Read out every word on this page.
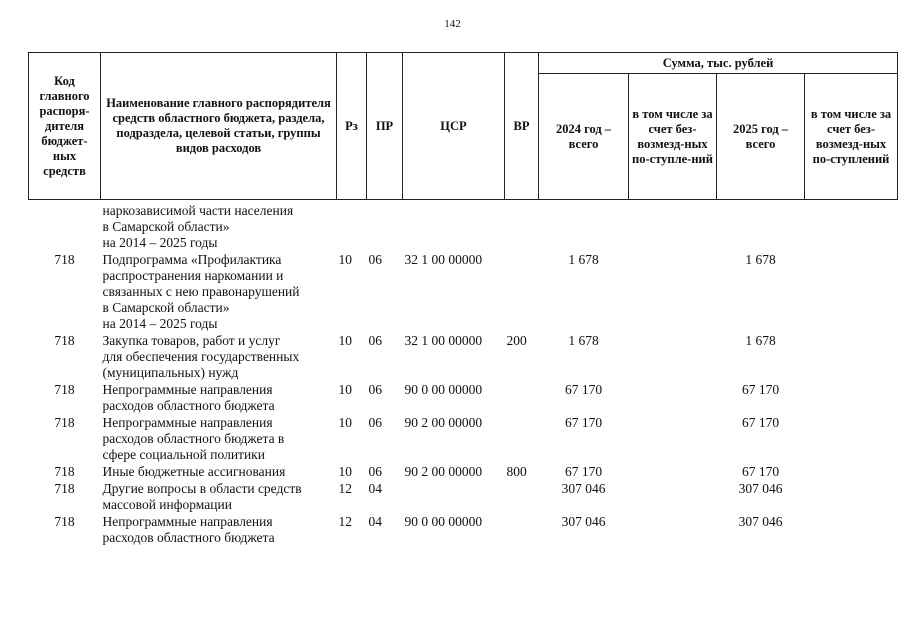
142
Код главного распоря-дителя бюджет-ных средств	Наименование главного распорядителя средств областного бюджета, раздела, подраздела, целевой статьи, группы видов расходов	Рз	ПР	ЦСР	ВР	Сумма, тыс. рублей			
						2024 год – всего	в том числе за счет без-возмезд-ных по-ступле-ний	2025 год – всего	в том числе за счет без-возмезд-ных по-ступлений

	наркозависимой части населения
в Самарской области»
на 2014 – 2025 годы								

718	Подпрограмма «Профилактика
распространения наркомании и
связанных с нею правонарушений
в Самарской области»
на 2014 – 2025 годы	10	06	32 1 00 00000		1 678		1 678	
718	Закупка товаров, работ и услуг
для обеспечения государственных
(муниципальных) нужд	10	06	32 1 00 00000	200	1 678		1 678	
718	Непрограммные направления
расходов областного бюджета	10	06	90 0 00 00000		67 170		67 170	
718	Непрограммные направления
расходов областного бюджета в
сфере социальной политики	10	06	90 2 00 00000		67 170		67 170	
718	Иные бюджетные ассигнования	10	06	90 2 00 00000	800	67 170		67 170	
718	Другие вопросы в области средств
массовой информации	12	04			307 046		307 046	
718	Непрограммные направления
расходов областного бюджета	12	04	90 0 00 00000		307 046		307 046	
